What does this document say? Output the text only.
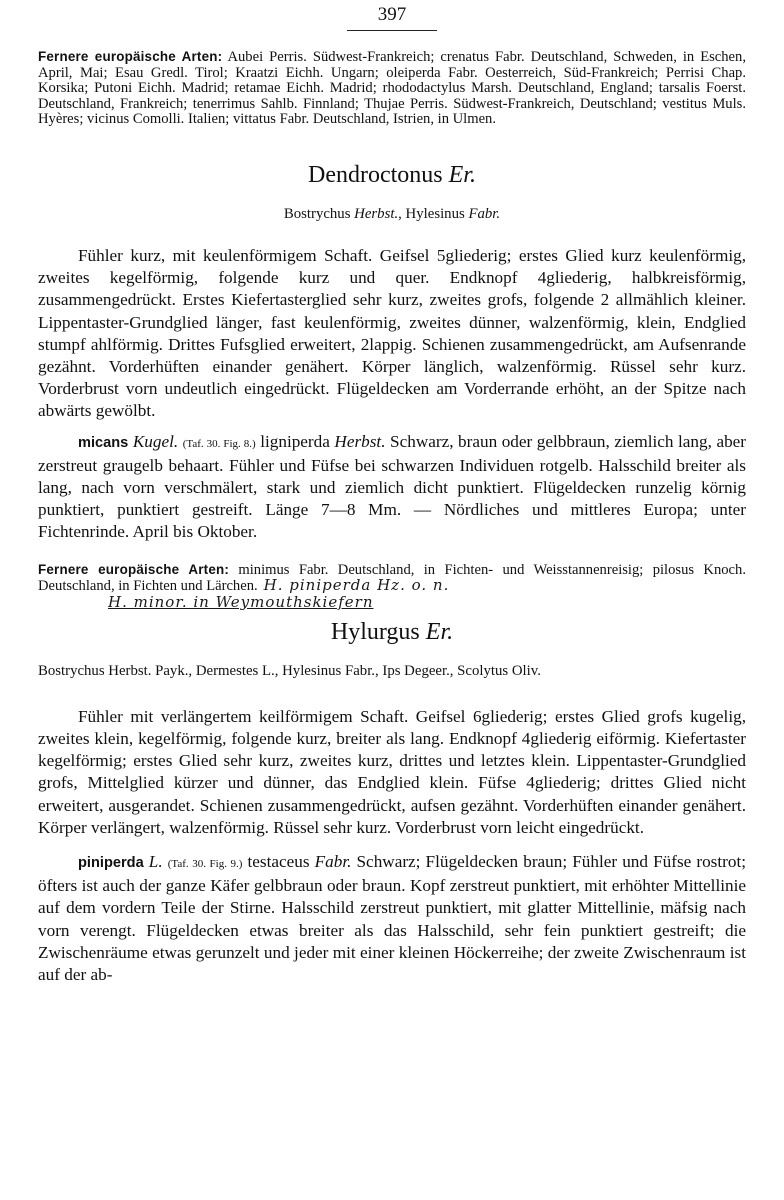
397

Fernere europäische Arten: Aubei Perris. Südwest-Frankreich; crenatus Fabr. Deutschland, Schweden, in Eschen, April, Mai; Esau Gredl. Tirol; Kraatzi Eichh. Ungarn; oleiperda Fabr. Oesterreich, Süd-Frankreich; Perrisi Chap. Korsika; Putoni Eichh. Madrid; retamae Eichh. Madrid; rhododactylus Marsh. Deutschland, England; tarsalis Foerst. Deutschland, Frankreich; tenerrimus Sahlb. Finnland; Thujae Perris. Südwest-Frankreich, Deutschland; vestitus Muls. Hyères; vicinus Comolli. Italien; vittatus Fabr. Deutschland, Istrien, in Ulmen.

Dendroctonus Er.
Bostrychus Herbst., Hylesinus Fabr.

Fühler kurz, mit keulenförmigem Schaft. Geifsel 5gliederig; erstes Glied kurz keulenförmig, zweites kegelförmig, folgende kurz und quer. Endknopf 4gliederig, halbkreisförmig, zusammengedrückt. Erstes Kiefertasterglied sehr kurz, zweites grofs, folgende 2 allmählich kleiner. Lippentaster-Grundglied länger, fast keulenförmig, zweites dünner, walzenförmig, klein, Endglied stumpf ahlförmig. Drittes Fufsglied erweitert, 2lappig. Schienen zusammengedrückt, am Aufsenrande gezähnt. Vorderhüften einander genähert. Körper länglich, walzenförmig. Rüssel sehr kurz. Vorderbrust vorn undeutlich eingedrückt. Flügeldecken am Vorderrande erhöht, an der Spitze nach abwärts gewölbt.

micans Kugel. (Taf. 30. Fig. 8.) ligniperda Herbst. Schwarz, braun oder gelbbraun, ziemlich lang, aber zerstreut graugelb behaart. Fühler und Füfse bei schwarzen Individuen rotgelb. Halsschild breiter als lang, nach vorn verschmälert, stark und ziemlich dicht punktiert. Flügeldecken runzelig körnig punktiert, punktiert gestreift. Länge 7—8 Mm. — Nördliches und mittleres Europa; unter Fichtenrinde. April bis Oktober.

Fernere europäische Arten: minimus Fabr. Deutschland, in Fichten- und Weisstannenreisig; pilosus Knoch. Deutschland, in Fichten und Lärchen. H. piniperda Hz. o. n.

H. minor. in Weymouthskiefern
Hylurgus Er.
Bostrychus Herbst. Payk., Dermestes L., Hylesinus Fabr., Ips Degeer., Scolytus Oliv.

Fühler mit verlängertem keilförmigem Schaft. Geifsel 6gliederig; erstes Glied grofs kugelig, zweites klein, kegelförmig, folgende kurz, breiter als lang. Endknopf 4gliederig eiförmig. Kiefertaster kegelförmig; erstes Glied sehr kurz, zweites kurz, drittes und letztes klein. Lippentaster-Grundglied grofs, Mittelglied kürzer und dünner, das Endglied klein. Füfse 4gliederig; drittes Glied nicht erweitert, ausgerandet. Schienen zusammengedrückt, aufsen gezähnt. Vorderhüften einander genähert. Körper verlängert, walzenförmig. Rüssel sehr kurz. Vorderbrust vorn leicht eingedrückt.

piniperda L. (Taf. 30. Fig. 9.) testaceus Fabr. Schwarz; Flügeldecken braun; Fühler und Füfse rostrot; öfters ist auch der ganze Käfer gelbbraun oder braun. Kopf zerstreut punktiert, mit erhöhter Mittellinie auf dem vordern Teile der Stirne. Halsschild zerstreut punktiert, mit glatter Mittellinie, mäfsig nach vorn verengt. Flügeldecken etwas breiter als das Halsschild, sehr fein punktiert gestreift; die Zwischenräume etwas gerunzelt und jeder mit einer kleinen Höckerreihe; der zweite Zwischenraum ist auf der ab-
